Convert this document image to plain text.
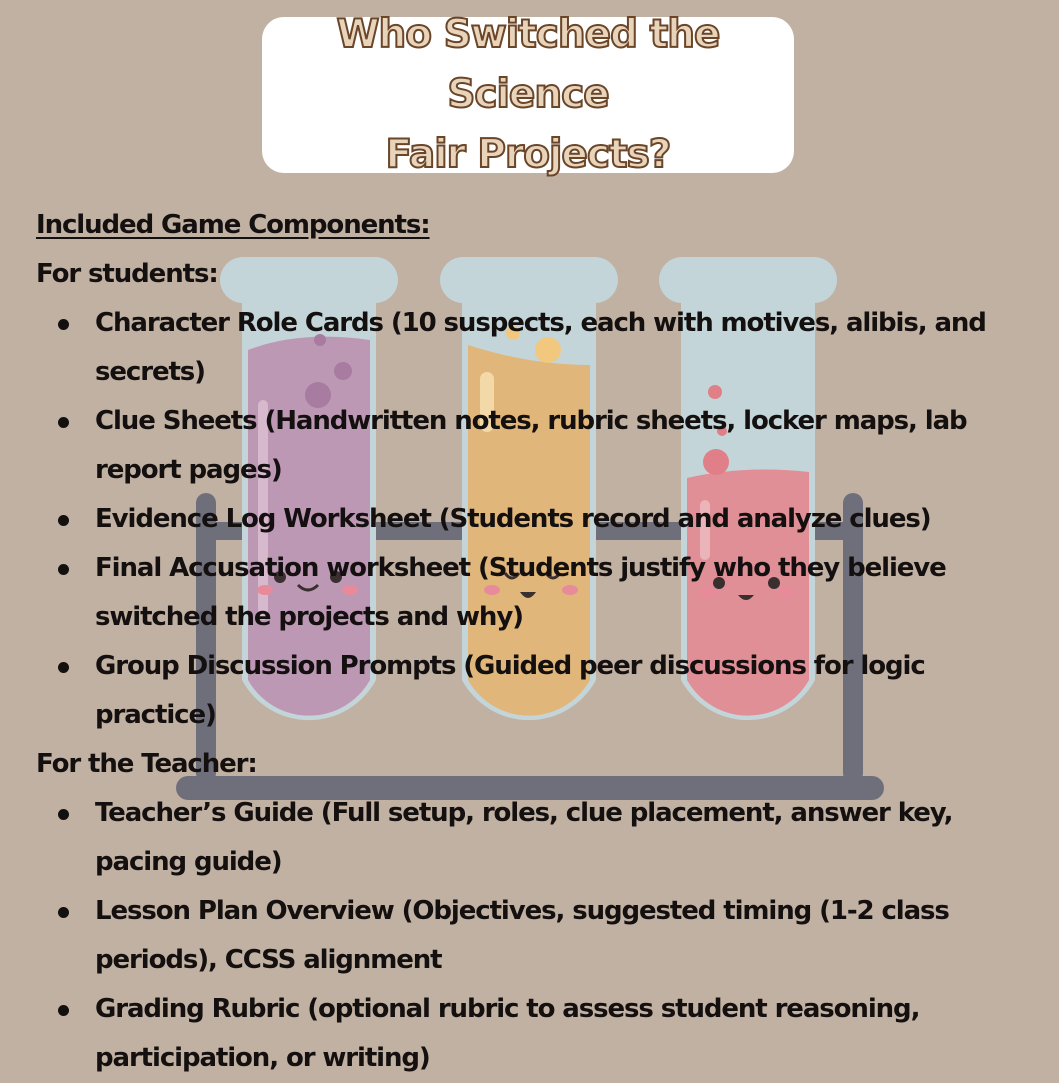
Who Switched the Science
Fair Projects?
Included Game Components:
For students:
Character Role Cards (10 suspects, each with motives, alibis, and secrets)
Clue Sheets (Handwritten notes, rubric sheets, locker maps, lab report pages)
Evidence Log Worksheet (Students record and analyze clues)
Final Accusation worksheet (Students justify who they believe switched the projects and why)
Group Discussion Prompts (Guided peer discussions for logic practice)
For the Teacher:
Teacher’s Guide (Full setup, roles, clue placement, answer key, pacing guide)
Lesson Plan Overview (Objectives, suggested timing (1-2 class periods), CCSS alignment
Grading Rubric (optional rubric to assess student reasoning, participation, or writing)
